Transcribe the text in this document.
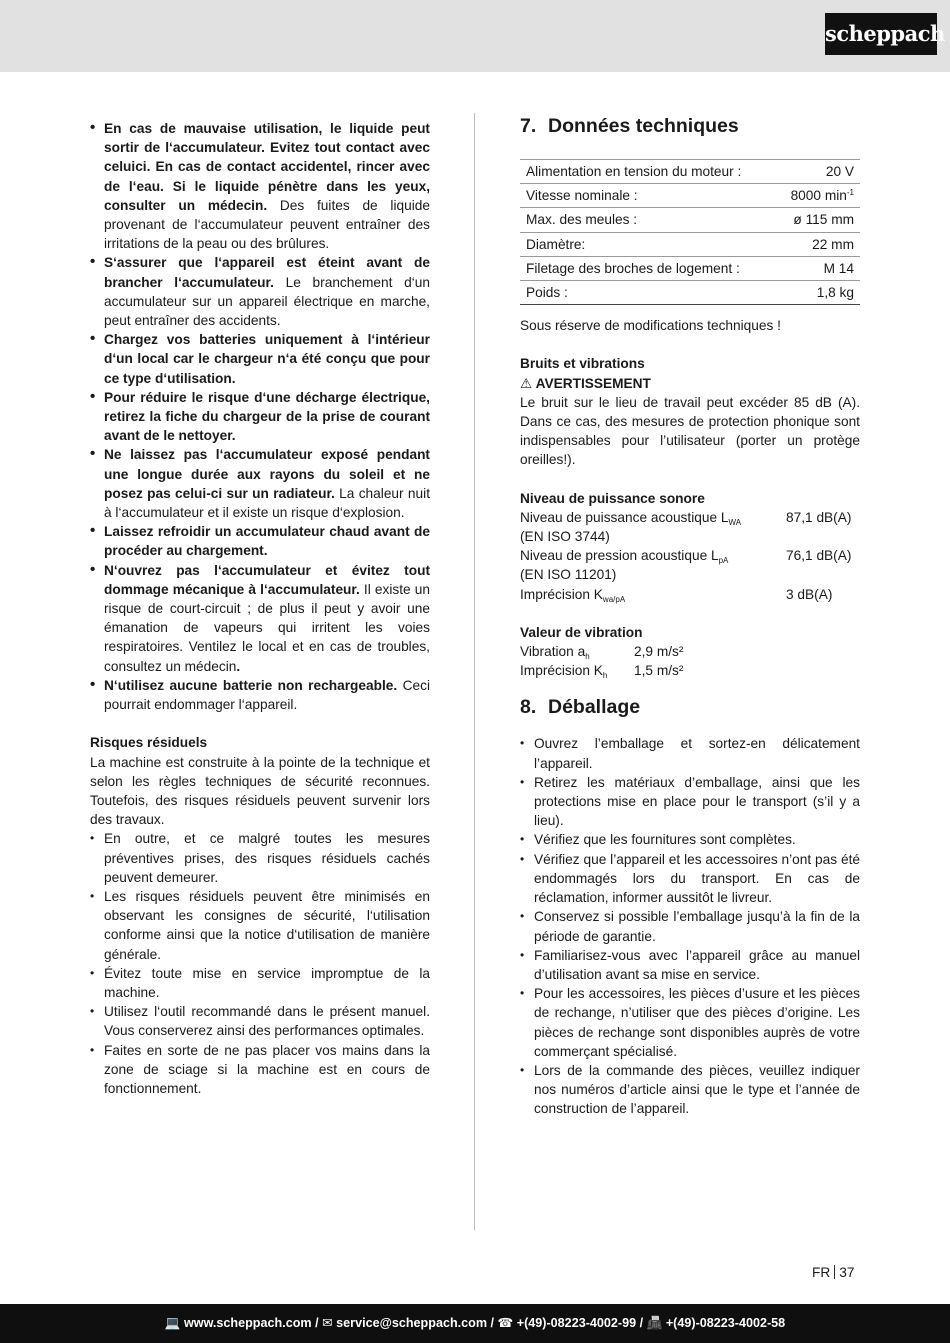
scheppach
• En cas de mauvaise utilisation, le liquide peut sortir de l‘accumulateur. Evitez tout contact avec celuici. En cas de contact accidentel, rincer avec de l‘eau. Si le liquide pénètre dans les yeux, consulter un médecin. Des fuites de liquide provenant de l‘accumulateur peuvent entraîner des irritations de la peau ou des brûlures.
• S‘assurer que l‘appareil est éteint avant de brancher l‘accumulateur. Le branchement d‘un accumulateur sur un appareil électrique en marche, peut entraîner des accidents.
• Chargez vos batteries uniquement à l‘intérieur d‘un local car le chargeur n‘a été conçu que pour ce type d‘utilisation.
• Pour réduire le risque d‘une décharge électrique, retirez la fiche du chargeur de la prise de courant avant de le nettoyer.
• Ne laissez pas l‘accumulateur exposé pendant une longue durée aux rayons du soleil et ne posez pas celui-ci sur un radiateur. La chaleur nuit à l‘accumulateur et il existe un risque d‘explosion.
• Laissez refroidir un accumulateur chaud avant de procéder au chargement.
• N‘ouvrez pas l‘accumulateur et évitez tout dommage mécanique à l‘accumulateur. Il existe un risque de court-circuit ; de plus il peut y avoir une émanation de vapeurs qui irritent les voies respiratoires. Ventilez le local et en cas de troubles, consultez un médecin.
• N‘utilisez aucune batterie non rechargeable. Ceci pourrait endommager l‘appareil.

Risques résiduels

La machine est construite à la pointe de la technique et selon les règles techniques de sécurité reconnues. Toutefois, des risques résiduels peuvent survenir lors des travaux.

• En outre, et ce malgré toutes les mesures préventives prises, des risques résiduels cachés peuvent demeurer.
• Les risques résiduels peuvent être minimisés en observant les consignes de sécurité, l‘utilisation conforme ainsi que la notice d‘utilisation de manière générale.
• Évitez toute mise en service impromptue de la machine.
• Utilisez l‘outil recommandé dans le présent manuel. Vous conserverez ainsi des performances optimales.
• Faites en sorte de ne pas placer vos mains dans la zone de sciage si la machine est en cours de fonctionnement.
7. Données techniques
Alimentation en tension du moteur :	20 V
Vitesse nominale :	8000 $\min^{-1}$
Max. des meules :	ø 115 mm
Diamètre:	22 mm
Filetage des broches de logement :	M 14
Poids :	1,8 kg

Sous réserve de modifications techniques !

Bruits et vibrations

⚠ AVERTISSEMENT

Le bruit sur le lieu de travail peut excéder 85 dB (A). Dans ce cas, des mesures de protection phonique sont indispensables pour l’utilisateur (porter un protège oreilles!).

Niveau de puissance sonore

Niveau de puissance acoustique $L_{WA}$	87,1 dB(A)

(EN ISO 3744)

Niveau de pression acoustique $L_{pA}$	76,1 dB(A)

(EN ISO 11201)

Imprécision $K_{wa/pA}$	3 dB(A)

Valeur de vibration

Vibration $a_h$	2,9 m/s²
Imprécision $K_h$	1,5 m/s²
8. Déballage
• Ouvrez l’emballage et sortez-en délicatement l’appareil.
• Retirez les matériaux d’emballage, ainsi que les protections mise en place pour le transport (s’il y a lieu).
• Vérifiez que les fournitures sont complètes.
• Vérifiez que l’appareil et les accessoires n’ont pas été endommagés lors du transport. En cas de réclamation, informer aussitôt le livreur.
• Conservez si possible l’emballage jusqu’à la fin de la période de garantie.
• Familiarisez-vous avec l’appareil grâce au manuel d’utilisation avant sa mise en service.
• Pour les accessoires, les pièces d’usure et les pièces de rechange, n’utiliser que des pièces d’origine. Les pièces de rechange sont disponibles auprès de votre commerçant spécialisé.
• Lors de la commande des pièces, veuillez indiquer nos numéros d’article ainsi que le type et l’année de construction de l’appareil.
FR 37
💻 www.scheppach.com / ✉ service@scheppach.com / ☎ +(49)-08223-4002-99 / 📠 +(49)-08223-4002-58
